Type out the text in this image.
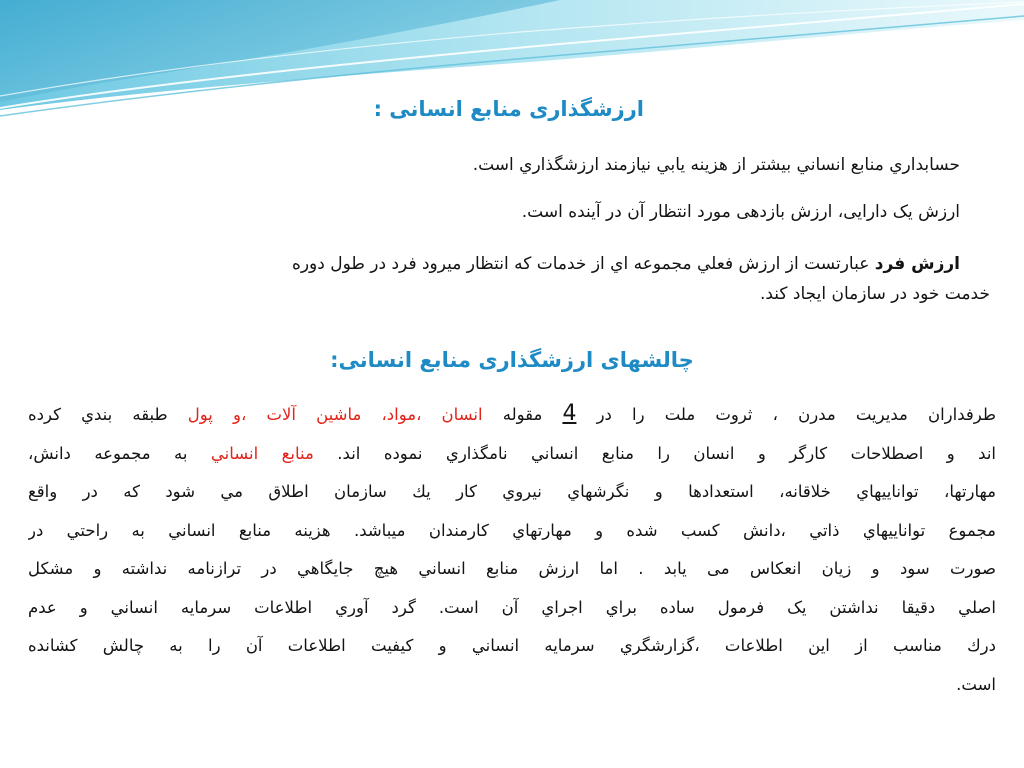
ارزشگذاری منابع انسانی :
حسابداري منابع انساني بيشتر از هزينه يابي نيازمند ارزشگذاري است.
ارزش یک دارایی، ارزش بازدهی مورد انتظار آن در آینده است.
ارزش فرد عبارتست از ارزش فعلي مجموعه اي از خدمات که انتظار ميرود فرد در طول دوره
خدمت خود در سازمان ایجاد کند.
چالشهای ارزشگذاری منابع انسانی:
طرفداران مديريت مدرن ، ثروت ملت را در 4 مقوله انسان ،مواد، ماشين آلات ،و پول طبقه بندي کرده
اند و اصطلاحات کارگر و انسان را منابع انساني نامگذاري نموده اند. منابع انساني به مجموعه دانش،
مهارتها، تواناييهاي خلاقانه، استعدادها و نگرشهاي نيروي کار يك سازمان اطلاق مي شود که در واقع
مجموع تواناييهاي ذاتي ،دانش کسب شده و مهارتهاي کارمندان ميباشد. هزينه منابع انساني به راحتي در
صورت سود و زيان انعکاس می یابد . اما ارزش منابع انساني هيچ جايگاهي در ترازنامه نداشته و مشکل
اصلي دقيقا نداشتن یک فرمول ساده براي اجراي آن است. گرد آوري اطلاعات سرمايه انساني و عدم
درك مناسب از این اطلاعات ،گزارشگري سرمايه انساني و کيفيت اطلاعات آن را به چالش كشانده
است.
